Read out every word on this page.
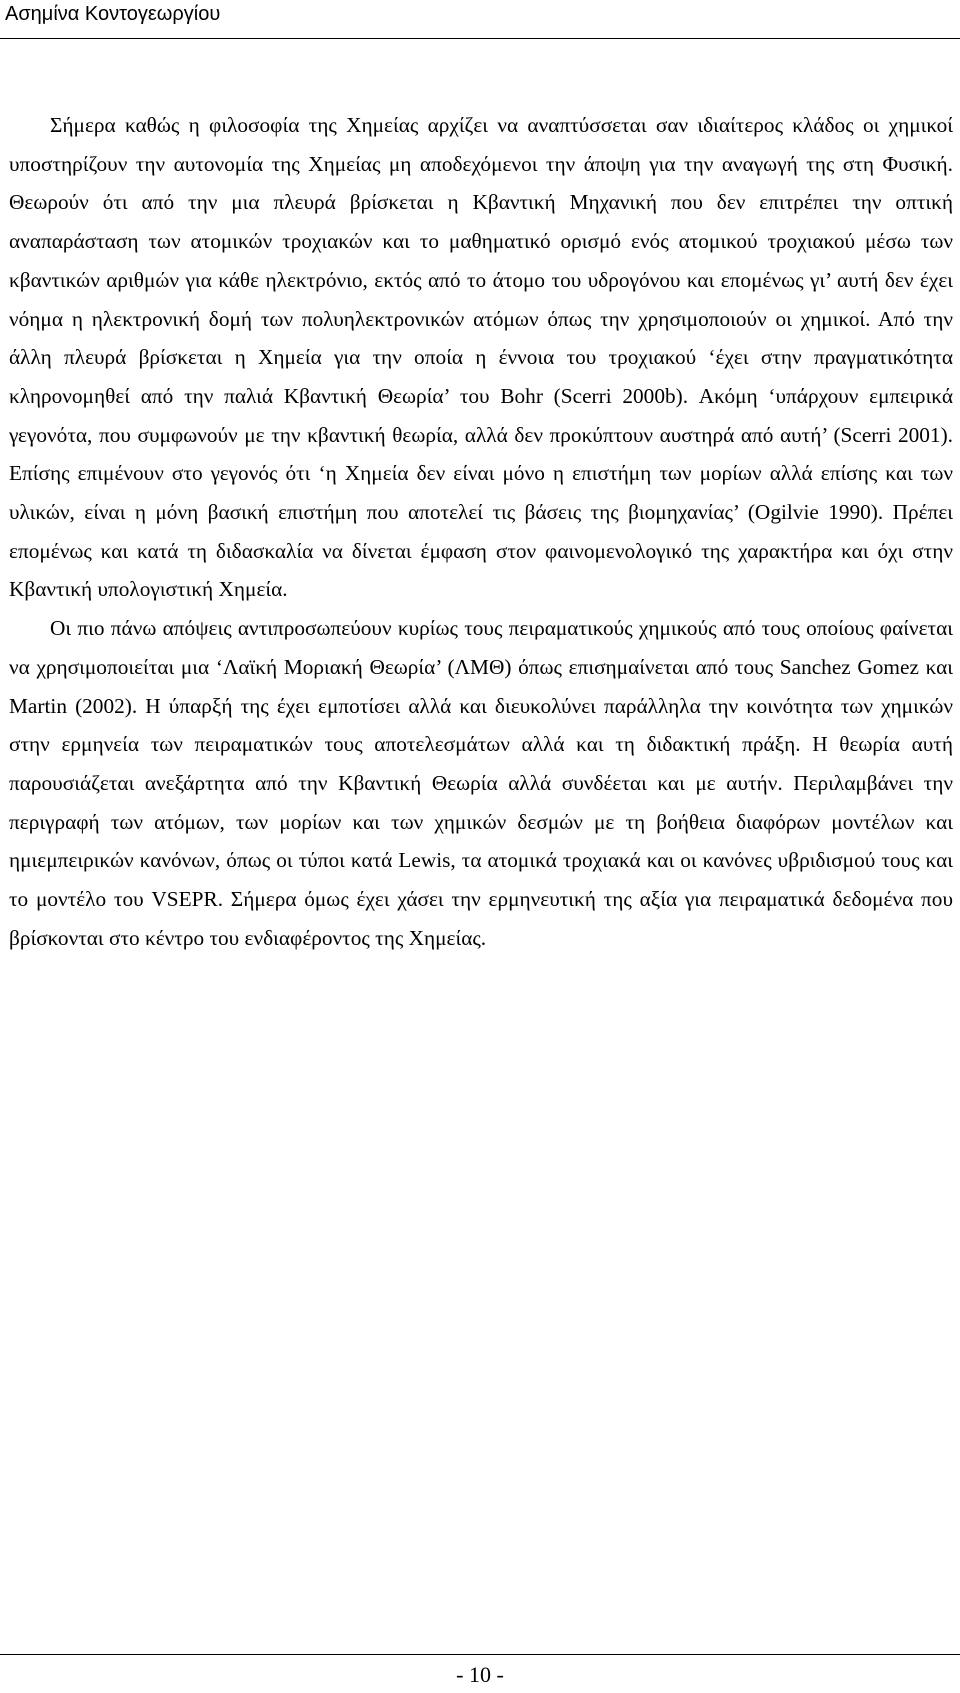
Ασημίνα Κοντογεωργίου

Σήμερα καθώς η φιλοσοφία της Χημείας αρχίζει να αναπτύσσεται σαν ιδιαίτερος κλάδος οι χημικοί υποστηρίζουν την αυτονομία της Χημείας μη αποδεχόμενοι την άποψη για την αναγωγή της στη Φυσική. Θεωρούν ότι από την μια πλευρά βρίσκεται η Κβαντική Μηχανική που δεν επιτρέπει την οπτική αναπαράσταση των ατομικών τροχιακών και το μαθηματικό ορισμό ενός ατομικού τροχιακού μέσω των κβαντικών αριθμών για κάθε ηλεκτρόνιο, εκτός από το άτομο του υδρογόνου και επομένως γι’ αυτή δεν έχει νόημα η ηλεκτρονική δομή των πολυηλεκτρονικών ατόμων όπως την χρησιμοποιούν οι χημικοί. Από την άλλη πλευρά βρίσκεται η Χημεία για την οποία η έννοια του τροχιακού ‘έχει στην πραγματικότητα κληρονομηθεί από την παλιά Κβαντική Θεωρία’ του Bohr (Scerri 2000b). Ακόμη ‘υπάρχουν εμπειρικά γεγονότα, που συμφωνούν με την κβαντική θεωρία, αλλά δεν προκύπτουν αυστηρά από αυτή’ (Scerri 2001). Επίσης επιμένουν στο γεγονός ότι ‘η Χημεία δεν είναι μόνο η επιστήμη των μορίων αλλά επίσης και των υλικών, είναι η μόνη βασική επιστήμη που αποτελεί τις βάσεις της βιομηχανίας’ (Ogilvie 1990). Πρέπει επομένως και κατά τη διδασκαλία να δίνεται έμφαση στον φαινομενολογικό της χαρακτήρα και όχι στην Κβαντική υπολογιστική Χημεία.

Οι πιο πάνω απόψεις αντιπροσωπεύουν κυρίως τους πειραματικούς χημικούς από τους οποίους φαίνεται να χρησιμοποιείται μια ‘Λαϊκή Μοριακή Θεωρία’ (ΛΜΘ) όπως επισημαίνεται από τους Sanchez Gomez και Martin (2002). Η ύπαρξή της έχει εμποτίσει αλλά και διευκολύνει παράλληλα την κοινότητα των χημικών στην ερμηνεία των πειραματικών τους αποτελεσμάτων αλλά και τη διδακτική πράξη. Η θεωρία αυτή παρουσιάζεται ανεξάρτητα από την Κβαντική Θεωρία αλλά συνδέεται και με αυτήν. Περιλαμβάνει την περιγραφή των ατόμων, των μορίων και των χημικών δεσμών με τη βοήθεια διαφόρων μοντέλων και ημιεμπειρικών κανόνων, όπως οι τύποι κατά Lewis, τα ατομικά τροχιακά και οι κανόνες υβριδισμού τους και το μοντέλο του VSEPR. Σήμερα όμως έχει χάσει την ερμηνευτική της αξία για πειραματικά δεδομένα που βρίσκονται στο κέντρο του ενδιαφέροντος της Χημείας.

- 10 -
